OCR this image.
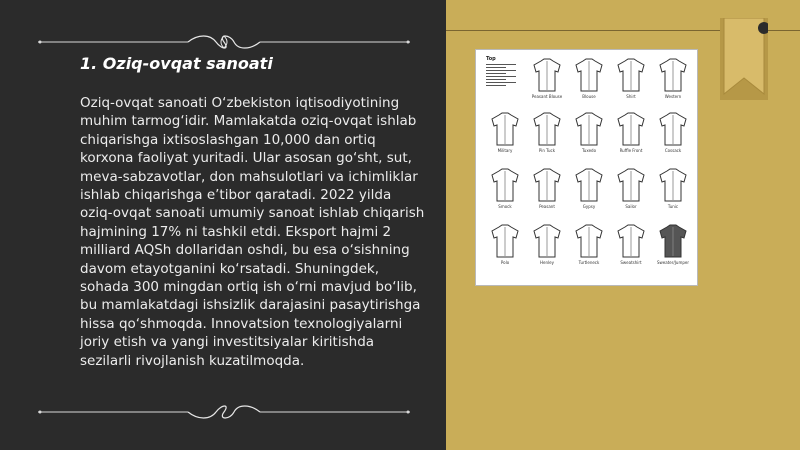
1. Oziq-ovqat sanoati

Oziq-ovqat sanoati O‘zbekiston iqtisodiyotining muhim tarmog‘idir. Mamlakatda oziq-ovqat ishlab chiqarishga ixtisoslashgan 10,000 dan ortiq korxona faoliyat yuritadi. Ular asosan go‘sht, sut, meva-sabzavotlar, don mahsulotlari va ichimliklar ishlab chiqarishga e’tibor qaratadi. 2022 yilda oziq-ovqat sanoati umumiy sanoat ishlab chiqarish hajmining 17% ni tashkil etdi. Eksport hajmi 2 milliard AQSh dollaridan oshdi, bu esa o‘sishning davom etayotganini ko‘rsatadi. Shuningdek, sohada 300 mingdan ortiq ish o‘rni mavjud bo‘lib, bu mamlakatdagi ishsizlik darajasini pasaytirishga hissa qo‘shmoqda. Innovatsion texnologiyalarni joriy etish va yangi investitsiyalar kiritishda sezilarli rivojlanish kuzatilmoqda.

Top
Peasant Blouse	Blouse	Shirt	Western
Military	Pin Tuck	Tuxedo	Ruffle Front	Cossack
Smock	Peasant	Gypsy	Sailor	Tunic
Polo	Henley	Turtleneck	Sweatshirt	Sweater/Jumper
